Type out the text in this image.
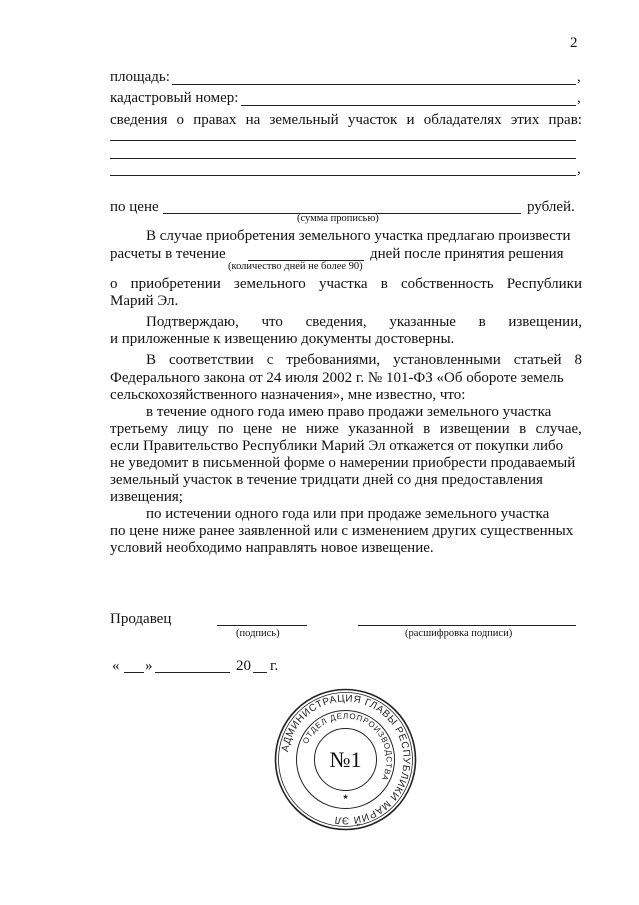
2
площадь:	,
кадастровый номер:	,
сведения о правах на земельный участок и обладателях этих прав:
,
по цене	рублей.
(сумма прописью)
В случае приобретения земельного участка предлагаю произвести
расчеты в течение	дней после принятия решения
(количество дней не более 90)
о приобретении земельного участка в собственность Республики
Марий Эл.
Подтверждаю, что сведения, указанные в извещении,
и приложенные к извещению документы достоверны.
В соответствии с требованиями, установленными статьей 8
Федерального закона от 24 июля 2002 г. № 101-ФЗ «Об обороте земель
сельскохозяйственного назначения», мне известно, что:
в течение одного года имею право продажи земельного участка
третьему лицу по цене не ниже указанной в извещении в случае,
если Правительство Республики Марий Эл откажется от покупки либо
не уведомит в письменной форме о намерении приобрести продаваемый
земельный участок в течение тридцати дней со дня предоставления
извещения;
по истечении одного года или при продаже земельного участка
по цене ниже ранее заявленной или с изменением других существенных
условий необходимо направлять новое извещение.
Продавец
(подпись)	(расшифровка подписи)
« »	20 г.
АДМИНИСТРАЦИЯ ГЛАВЫ РЕСПУБЛИКИ МАРИЙ ЭЛ
ОТДЕЛ ДЕЛОПРОИЗВОДСТВА
№1
★
